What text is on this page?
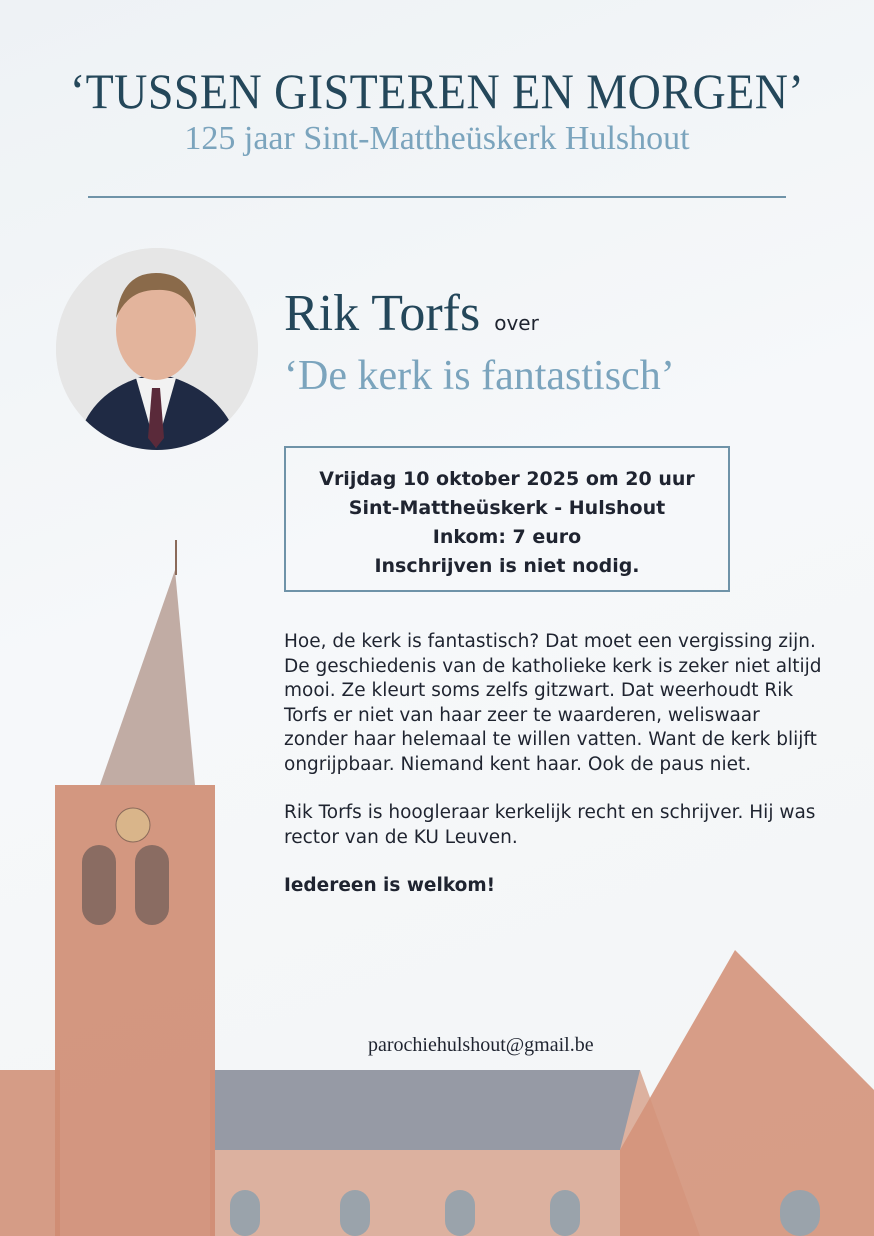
‘TUSSEN GISTEREN EN MORGEN’
125 jaar Sint-Mattheüskerk Hulshout
Rik Torfs over
‘De kerk is fantastisch’
Vrijdag 10 oktober 2025 om 20 uur
Sint-Mattheüskerk - Hulshout
Inkom: 7 euro
Inschrijven is niet nodig.

Hoe, de kerk is fantastisch? Dat moet een vergissing zijn. De geschiedenis van de katholieke kerk is zeker niet altijd mooi. Ze kleurt soms zelfs gitzwart. Dat weerhoudt Rik Torfs er niet van haar zeer te waarderen, weliswaar zonder haar helemaal te willen vatten. Want de kerk blijft ongrijpbaar. Niemand kent haar. Ook de paus niet.

Rik Torfs is hoogleraar kerkelijk recht en schrijver. Hij was rector van de KU Leuven.

Iedereen is welkom!

parochiehulshout@gmail.be
